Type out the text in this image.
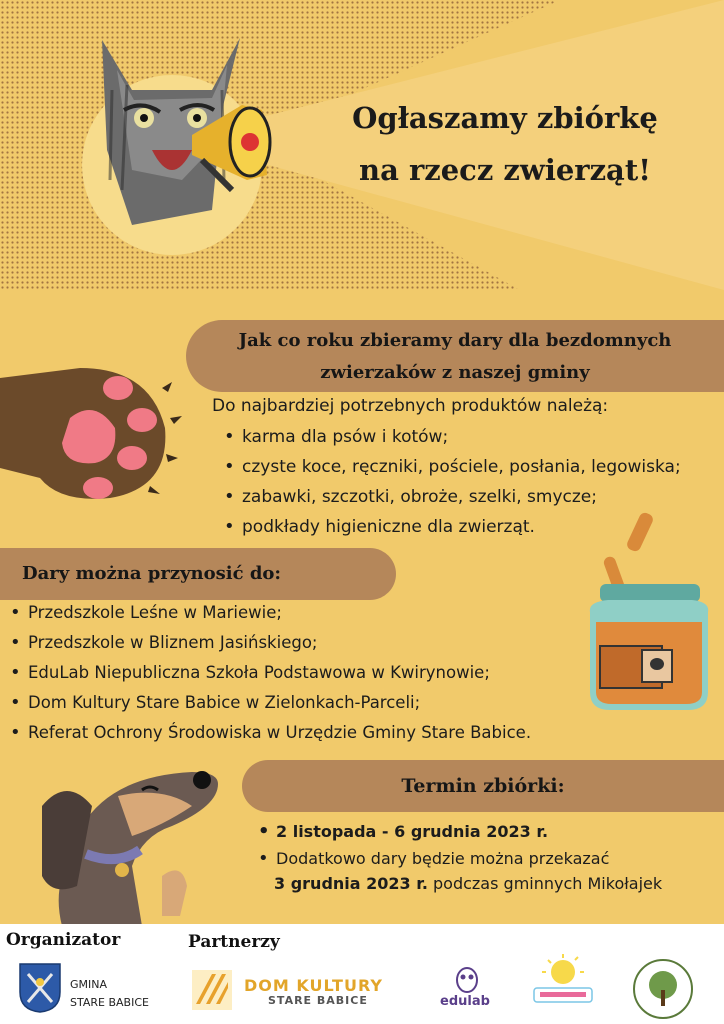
Ogłaszamy zbiórkę
na rzecz zwierząt!
Jak co roku zbieramy dary dla bezdomnych
zwierzaków z naszej gminy
Do najbardziej potrzebnych produktów należą:
• karma dla psów i kotów;
• czyste koce, ręczniki, pościele, posłania, legowiska;
• zabawki, szczotki, obroże, szelki, smycze;
• podkłady higieniczne dla zwierząt.
Dary można przynosić do:
• Przedszkole Leśne w Mariewie;
• Przedszkole w Bliznem Jasińskiego;
• EduLab Niepubliczna Szkoła Podstawowa w Kwirynowie;
• Dom Kultury Stare Babice w Zielonkach-Parceli;
• Referat Ochrony Środowiska w Urzędzie Gminy Stare Babice.
Termin zbiórki:
• 2 listopada - 6 grudnia 2023 r.
• Dodatkowo dary będzie można przekazać
3 grudnia 2023 r. podczas gminnych Mikołajek
Organizator	Partnerzy
GMINA
STARE BABICE
DOM KULTURY
STARE BABICE	edulab
